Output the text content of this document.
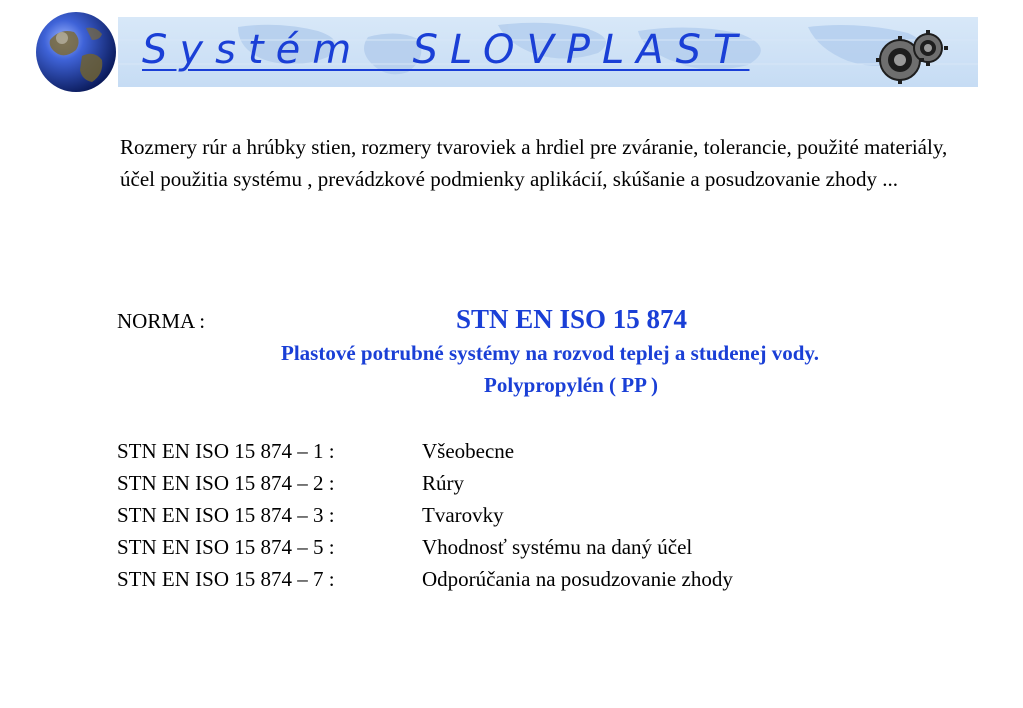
Systém  SLOVPLAST
Rozmery rúr a hrúbky stien, rozmery tvaroviek a hrdiel pre zváranie, tolerancie, použité materiály, účel použitia systému , prevádzkové podmienky aplikácií, skúšanie a posudzovanie zhody ...
NORMA :	STN EN ISO 15 874
Plastové potrubné systémy na rozvod teplej a studenej vody.
Polypropylén ( PP )
STN EN ISO 15 874 – 1 :	Všeobecne
STN EN ISO 15 874 – 2 :	Rúry
STN EN ISO 15 874 – 3 :	Tvarovky
STN EN ISO 15 874 – 5 :	Vhodnosť systému na daný účel
STN EN ISO 15 874 – 7 :	Odporúčania na posudzovanie zhody
